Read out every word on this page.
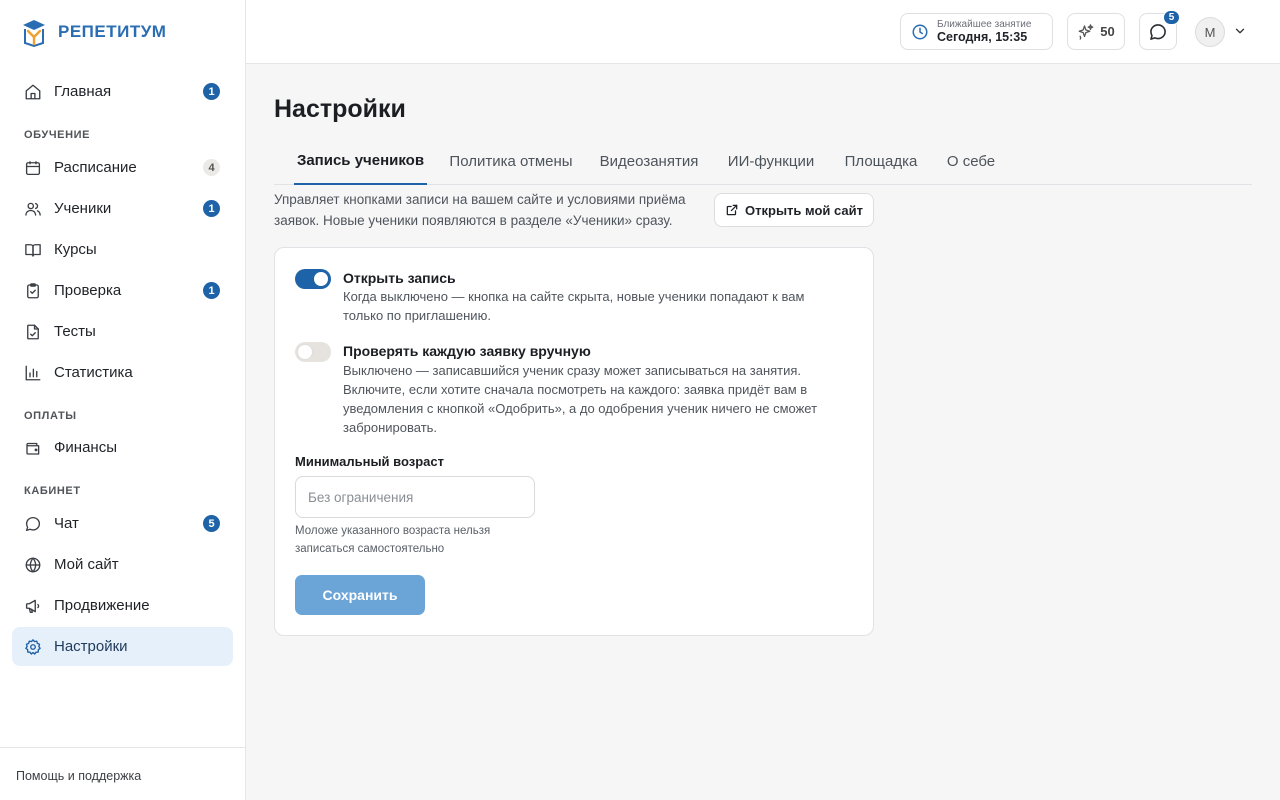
РЕПЕТИТУМ
Главная	1
ОБУЧЕНИЕ
Расписание	4
Ученики	1
Курсы
Проверка	1
Тесты
Статистика
ОПЛАТЫ
Финансы
КАБИНЕТ
Чат	5
Мой сайт
Продвижение
Настройки
Помощь и поддержка
Ближайшее занятие
Сегодня, 15:35	50
5
М
Настройки
Запись учеников Политика отмены Видеозанятия ИИ-функции Площадка О себе

Управляет кнопками записи на вашем сайте и условиями приёма заявок. Новые ученики появляются в разделе «Ученики» сразу.

Открыть мой сайт
Открыть запись
Когда выключено — кнопка на сайте скрыта, новые ученики попадают к вам только по приглашению.
Проверять каждую заявку вручную
Выключено — записавшийся ученик сразу может записываться на занятия. Включите, если хотите сначала посмотреть на каждого: заявка придёт вам в уведомления с кнопкой «Одобрить», а до одобрения ученик ничего не сможет забронировать.
Минимальный возраст
Без ограничения
Моложе указанного возраста нельзя записаться самостоятельно
Сохранить
